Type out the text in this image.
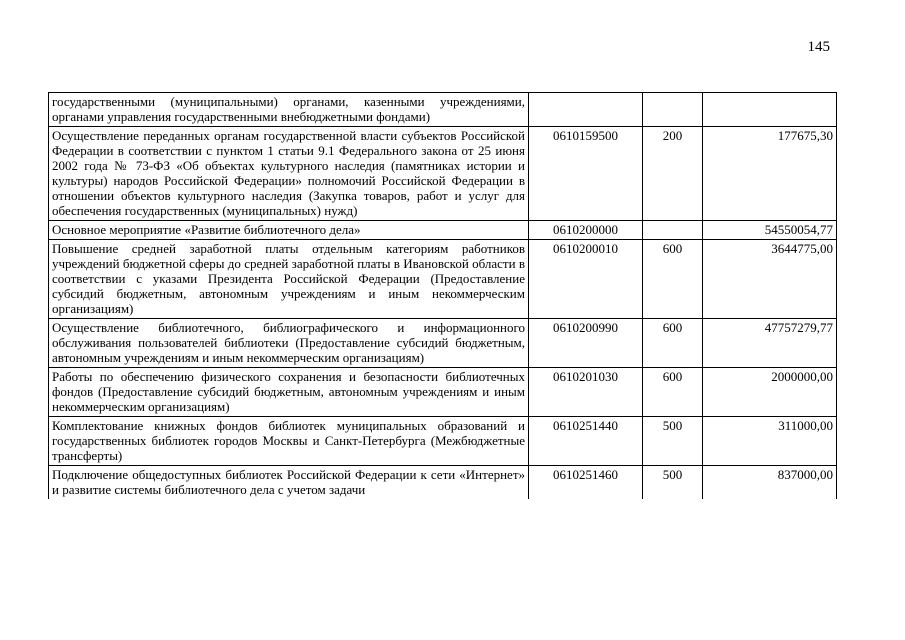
145
государственными (муниципальными) органами, казенными учреждениями, органами управления государственными внебюджетными фондами)			
Осуществление переданных органам государственной власти субъектов Российской Федерации в соответствии с пунктом 1 статьи 9.1 Федерального закона от 25 июня 2002 года № 73-ФЗ «Об объектах культурного наследия (памятниках истории и культуры) народов Российской Федерации» полномочий Российской Федерации в отношении объектов культурного наследия (Закупка товаров, работ и услуг для обеспечения государственных (муниципальных) нужд)	0610159500	200	177675,30
Основное мероприятие «Развитие библиотечного дела»	0610200000		54550054,77
Повышение средней заработной платы отдельным категориям работников учреждений бюджетной сферы до средней заработной платы в Ивановской области в соответствии с указами Президента Российской Федерации (Предоставление субсидий бюджетным, автономным учреждениям и иным некоммерческим организациям)	0610200010	600	3644775,00
Осуществление библиотечного, библиографического и информационного обслуживания пользователей библиотеки (Предоставление субсидий бюджетным, автономным учреждениям и иным некоммерческим организациям)	0610200990	600	47757279,77
Работы по обеспечению физического сохранения и безопасности библиотечных фондов (Предоставление субсидий бюджетным, автономным учреждениям и иным некоммерческим организациям)	0610201030	600	2000000,00
Комплектование книжных фондов библиотек муниципальных образований и государственных библиотек городов Москвы и Санкт-Петербурга (Межбюджетные трансферты)	0610251440	500	311000,00
Подключение общедоступных библиотек Российской Федерации к сети «Интернет» и развитие системы библиотечного дела с учетом задачи	0610251460	500	837000,00
